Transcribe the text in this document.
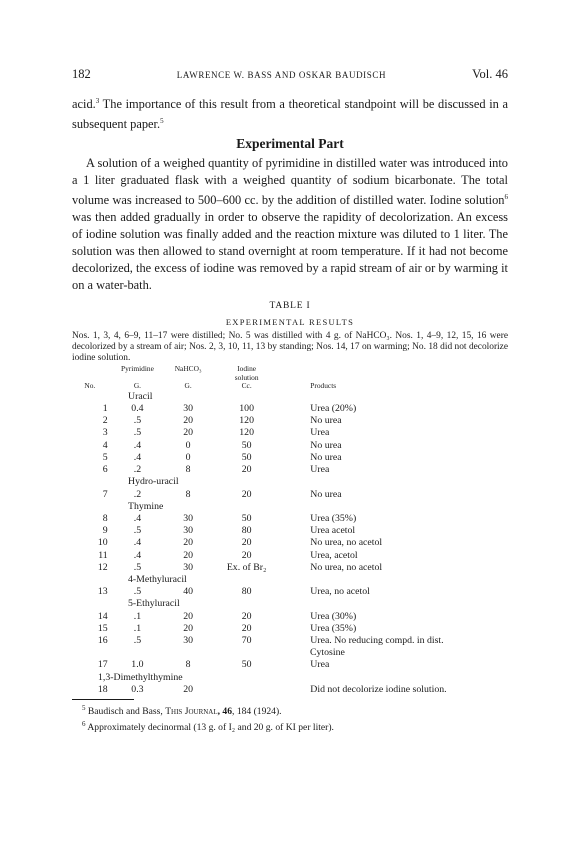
182	LAWRENCE W. BASS AND OSKAR BAUDISCH	Vol. 46

acid.$^3$ The importance of this result from a theoretical standpoint will be discussed in a subsequent paper.$^5$

Experimental Part

A solution of a weighed quantity of pyrimidine in distilled water was introduced into a 1 liter graduated flask with a weighed quantity of sodium bicarbonate. The total volume was increased to 500–600 cc. by the addition of distilled water. Iodine solution$^6$ was then added gradually in order to observe the rapidity of decolorization. An excess of iodine solution was finally added and the reaction mixture was diluted to 1 liter. The solution was then allowed to stand overnight at room temperature. If it had not become decolorized, the excess of iodine was removed by a rapid stream of air or by warming it on a water-bath.

TABLE I
EXPERIMENTAL RESULTS

Nos. 1, 3, 4, 6–9, 11–17 were distilled; No. 5 was distilled with 4 g. of NaHCO₃. Nos. 1, 4–9, 12, 15, 16 were decolorized by a stream of air; Nos. 2, 3, 10, 11, 13 by standing; Nos. 14, 17 on warming; No. 18 did not decolorize iodine solution.

	Pyrimidine	NaHCO₃	Iodine	
			solution	
No.	G.	G.	Cc.	Products
Uracil				
1	0.4	30	100	Urea (20%)
2	.5	20	120	No urea
3	.5	20	120	Urea
4	.4	0	50	No urea
5	.4	0	50	No urea
6	.2	8	20	Urea
Hydro-uracil				
7	.2	8	20	No urea
Thymine				
8	.4	30	50	Urea (35%)
9	.5	30	80	Urea acetol
10	.4	20	20	No urea, no acetol
11	.4	20	20	Urea, acetol
12	.5	30	Ex. of Br₂	No urea, no acetol
4-Methyluracil				
13	.5	40	80	Urea, no acetol
5-Ethyluracil				
14	.1	20	20	Urea (30%)
15	.1	20	20	Urea (35%)
16	.5	30	70	Urea. No reducing compd. in dist.
Cytosine				
17	1.0	8	50	Urea
1,3-Dimethylthymine				
18	0.3	20		Did not decolorize iodine solution.

$^5$ Baudisch and Bass, This Journal, 46, 184 (1924).

$^6$ Approximately decinormal (13 g. of I₂ and 20 g. of KI per liter).
